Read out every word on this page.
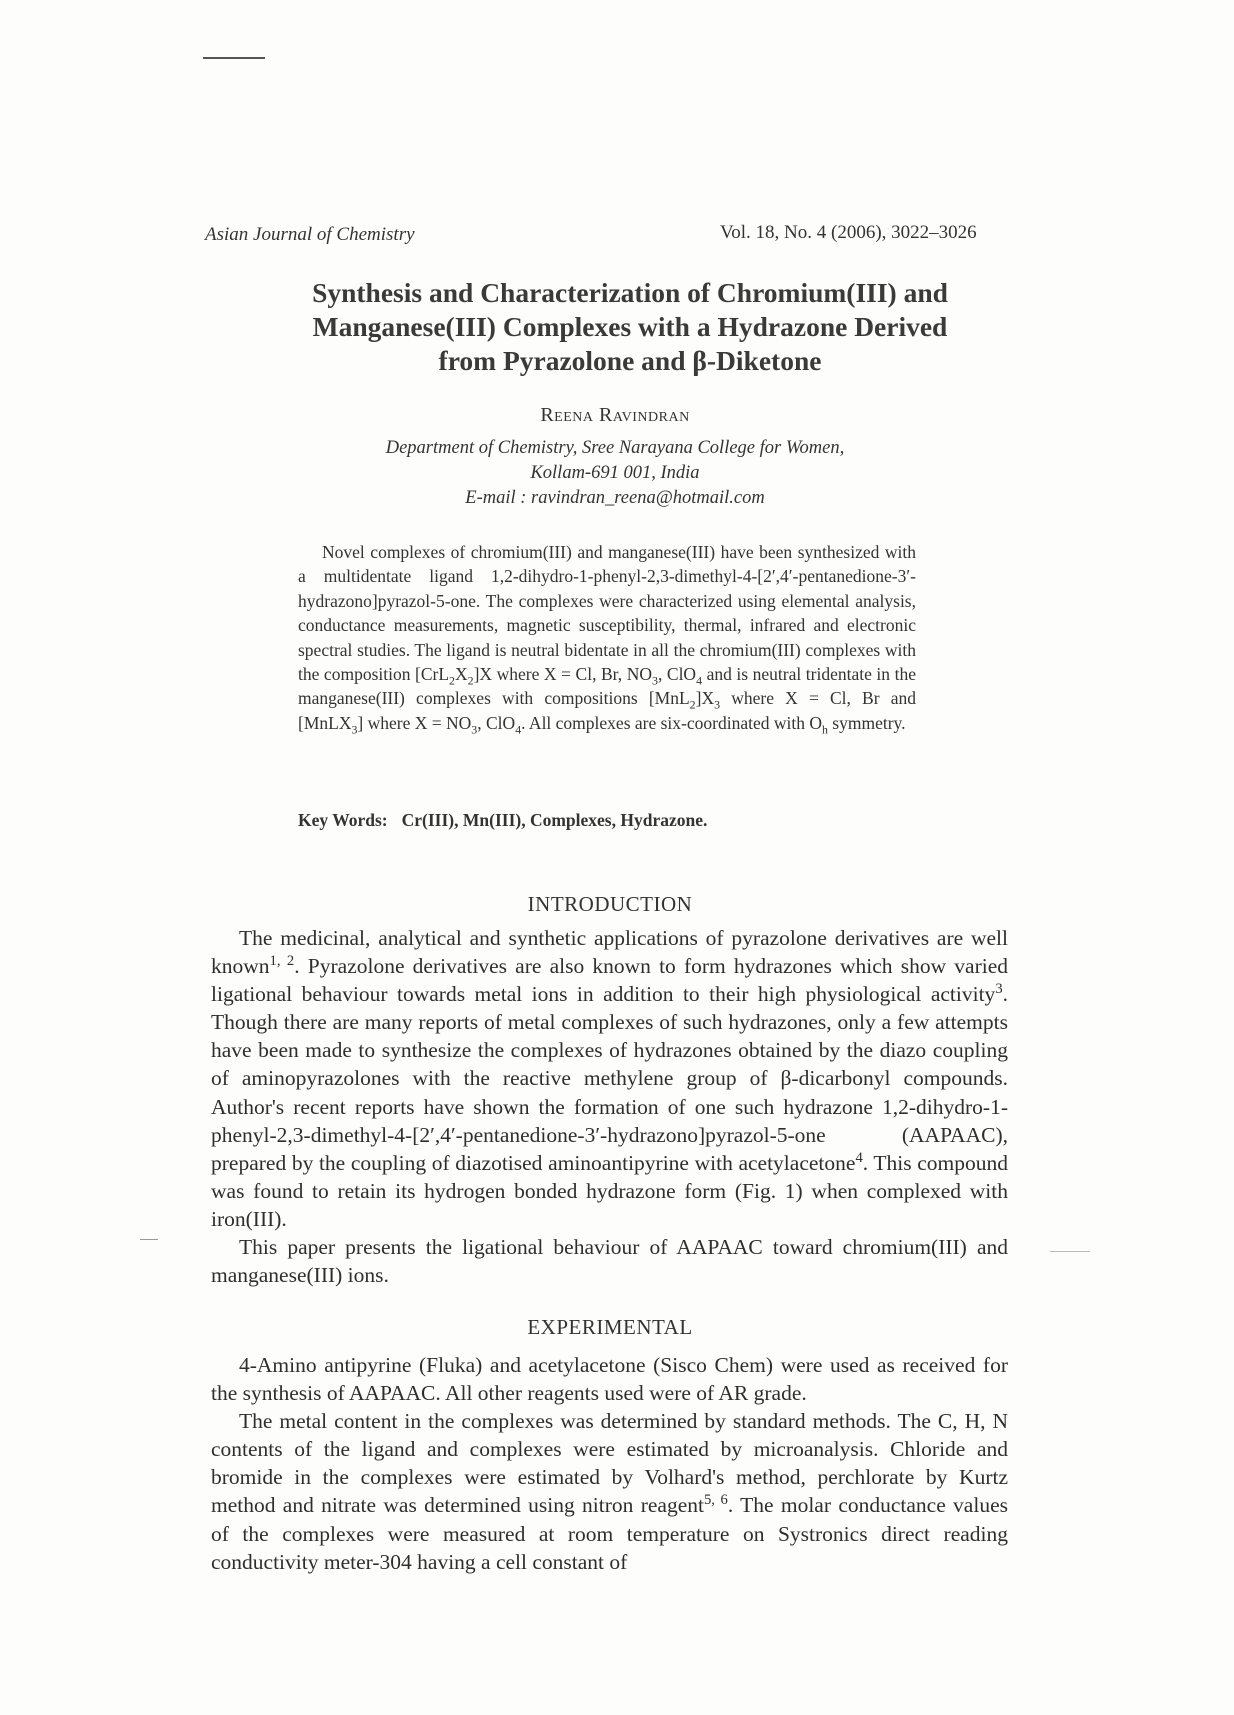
Asian Journal of Chemistry	Vol. 18, No. 4 (2006), 3022–3026
Synthesis and Characterization of Chromium(III) and
Manganese(III) Complexes with a Hydrazone Derived
from Pyrazolone and β-Diketone
Reena Ravindran
Department of Chemistry, Sree Narayana College for Women,
Kollam-691 001, India
E-mail : ravindran_reena@hotmail.com
Novel complexes of chromium(III) and manganese(III) have been synthesized with a multidentate ligand 1,2-dihydro-1-phenyl-2,3-dimethyl-4-[2′,4′-pentanedione-3′-hydrazono]pyrazol-5-one. The complexes were characterized using elemental analysis, conductance measurements, magnetic susceptibility, thermal, infrared and electronic spectral studies. The ligand is neutral bidentate in all the chromium(III) complexes with the composition $[CrL_2X_2]X$ where X = Cl, Br, $NO_3$, ClO$_4$ and is neutral tridentate in the manganese(III) complexes with compositions $[MnL_2]X_3$ where X = Cl, Br and [MnLX$_3$] where $X = NO_3$, ClO$_4$. All complexes are six-coordinated with $O_h$ symmetry.
Key Words: Cr(III), Mn(III), Complexes, Hydrazone.
INTRODUCTION

The medicinal, analytical and synthetic applications of pyrazolone derivatives are well known$^{1, 2}$. Pyrazolone derivatives are also known to form hydrazones which show varied ligational behaviour towards metal ions in addition to their high physiological activity$^3$. Though there are many reports of metal complexes of such hydrazones, only a few attempts have been made to synthesize the complexes of hydrazones obtained by the diazo coupling of aminopyrazolones with the reactive methylene group of β-dicarbonyl compounds. Author's recent reports have shown the formation of one such hydrazone 1,2-dihydro-1-phenyl-2,3-dimethyl-4-[2′,4′-pentanedione-3′-hydrazono]pyrazol-5-one (AAPAAC), prepared by the coupling of diazotised aminoantipyrine with acetylacetone$^4$. This compound was found to retain its hydrogen bonded hydrazone form (Fig. 1) when complexed with iron(III).

This paper presents the ligational behaviour of AAPAAC toward chromium(III) and manganese(III) ions.

EXPERIMENTAL

4-Amino antipyrine (Fluka) and acetylacetone (Sisco Chem) were used as received for the synthesis of AAPAAC. All other reagents used were of AR grade.

The metal content in the complexes was determined by standard methods. The C, H, N contents of the ligand and complexes were estimated by microanalysis. Chloride and bromide in the complexes were estimated by Volhard's method, perchlorate by Kurtz method and nitrate was determined using nitron reagent$^{5, 6}$. The molar conductance values of the complexes were measured at room temperature on Systronics direct reading conductivity meter-304 having a cell constant of
